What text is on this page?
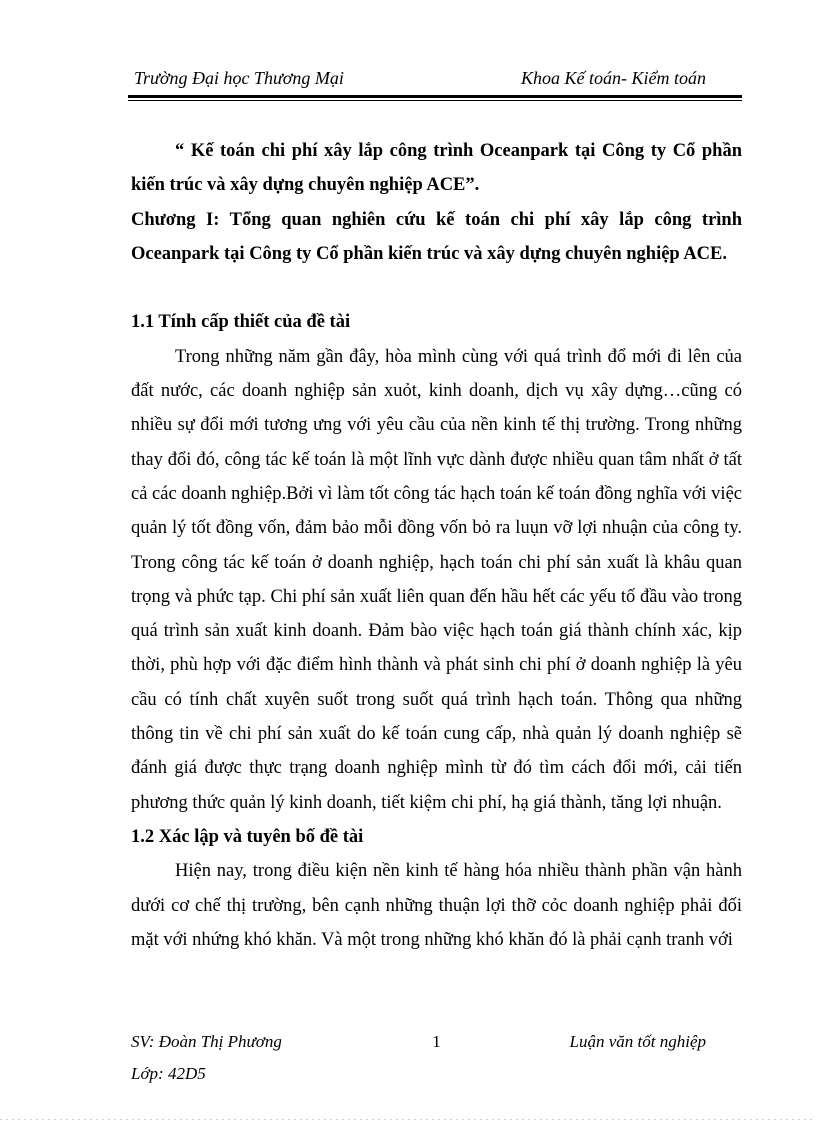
Trường Đại học Thương Mại	Khoa Kế toán- Kiểm toán

“ Kế toán chi phí xây lắp công trình Oceanpark tại Công ty Cổ phần kiến trúc và xây dựng chuyên nghiệp ACE”.

Chương I: Tổng quan nghiên cứu kế toán chi phí xây lắp công trình Oceanpark tại Công ty Cổ phần kiến trúc và xây dựng chuyên nghiệp ACE.

1.1 Tính cấp thiết của đề tài

Trong những năm gần đây, hòa mình cùng với quá trình đổ mới đi lên của đất nước, các doanh nghiệp sản xuỏt, kinh doanh, dịch vụ xây dựng…cũng có nhiều sự đổi mới tương ưng với yêu cầu của nền kinh tế thị trường. Trong những thay đổi đó, công tác kế toán là một lĩnh vực dành được nhiều quan tâm nhất ở tất cả các doanh nghiệp.Bởi vì làm tốt công tác hạch toán kế toán đồng nghĩa với việc quản lý tốt đồng vốn, đảm bảo mỗi đồng vốn bỏ ra luụn vỡ lợi nhuận của công ty. Trong công tác kế toán ở doanh nghiệp, hạch toán chi phí sản xuất là khâu quan trọng và phức tạp. Chi phí sản xuất liên quan đến hầu hết các yếu tố đầu vào trong quá trình sản xuất kinh doanh. Đảm bào việc hạch toán giá thành chính xác, kịp thời, phù hợp với đặc điểm hình thành và phát sinh chi phí ở doanh nghiệp là yêu cầu có tính chất xuyên suốt trong suốt quá trình hạch toán. Thông qua những thông tin về chi phí sản xuất do kế toán cung cấp, nhà quản lý doanh nghiệp sẽ đánh giá được thực trạng doanh nghiệp mình từ đó tìm cách đổi mới, cải tiến phương thức quản lý kinh doanh, tiết kiệm chi phí, hạ giá thành, tăng lợi nhuận.

1.2 Xác lập và tuyên bố đề tài

Hiện nay, trong điều kiện nền kinh tế hàng hóa nhiều thành phần vận hành dưới cơ chế thị trường, bên cạnh những thuận lợi thỡ cỏc doanh nghiệp phải đối mặt với nhứng khó khăn. Và một trong những khó khăn đó là phải cạnh tranh với

SV: Đoàn Thị Phương
Lớp: 42D5
1	Luận văn tốt nghiệp
